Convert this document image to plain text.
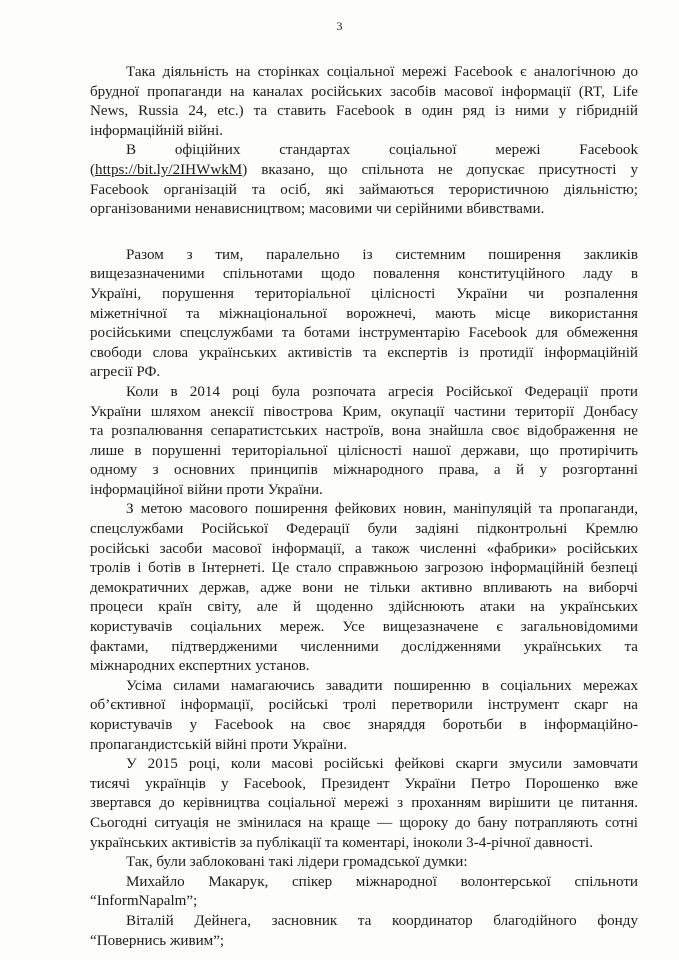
3
Така діяльність на сторінках соціальної мережі Facebook є аналогічною до
брудної пропаганди на каналах російських засобів масової інформації (RT, Life
News, Russia 24, etc.) та ставить Facebook в один ряд із ними у гібридній
інформаційній війні.
В офіційних стандартах соціальної мережі Facebook
(https://bit.ly/2IHWwkM) вказано, що спільнота не допускає присутності у
Facebook організацій та осіб, які займаються терористичною діяльністю;
організованими ненависництвом; масовими чи серійними вбивствами.
Разом з тим, паралельно із системним поширення закликів
вищезазначеними спільнотами щодо повалення конституційного ладу в
Україні, порушення територіальної цілісності України чи розпалення
міжетнічної та міжнаціональної ворожнечі, мають місце використання
російськими спецслужбами та ботами інструментарію Facebook для обмеження
свободи слова українських активістів та експертів із протидії інформаційній
агресії РФ.
Коли в 2014 році була розпочата агресія Російської Федерації проти
України шляхом анексії півострова Крим, окупації частини території Донбасу
та розпалювання сепаратистських настроїв, вона знайшла своє відображення не
лише в порушенні територіальної цілісності нашої держави, що протирічить
одному з основних принципів міжнародного права, а й у розгортанні
інформаційної війни проти України.
З метою масового поширення фейкових новин, маніпуляцій та пропаганди,
спецслужбами Російської Федерації були задіяні підконтрольні Кремлю
російські засоби масової інформації, а також численні «фабрики» російських
тролів і ботів в Інтернеті. Це стало справжньою загрозою інформаційній безпеці
демократичних держав, адже вони не тільки активно впливають на виборчі
процеси країн світу, але й щоденно здійснюють атаки на українських
користувачів соціальних мереж. Усе вищезазначене є загальновідомими
фактами, підтвердженими численними дослідженнями українських та
міжнародних експертних установ.
Усіма силами намагаючись завадити поширенню в соціальних мережах
об’єктивної інформації, російські тролі перетворили інструмент скарг на
користувачів у Facebook на своє знаряддя боротьби в інформаційно-
пропагандистській війні проти України.
У 2015 році, коли масові російські фейкові скарги змусили замовчати
тисячі українців у Facebook, Президент України Петро Порошенко вже
звертався до керівництва соціальної мережі з проханням вирішити це питання.
Сьогодні ситуація не змінилася на краще — щороку до бану потрапляють сотні
українських активістів за публікації та коментарі, іноколи 3-4-річної давності.
Так, були заблоковані такі лідери громадської думки:
Михайло Макарук, спікер міжнародної волонтерської спільноти
“InformNapalm”;
Віталій Дейнега, засновник та координатор благодійного фонду
“Повернись живим”;
